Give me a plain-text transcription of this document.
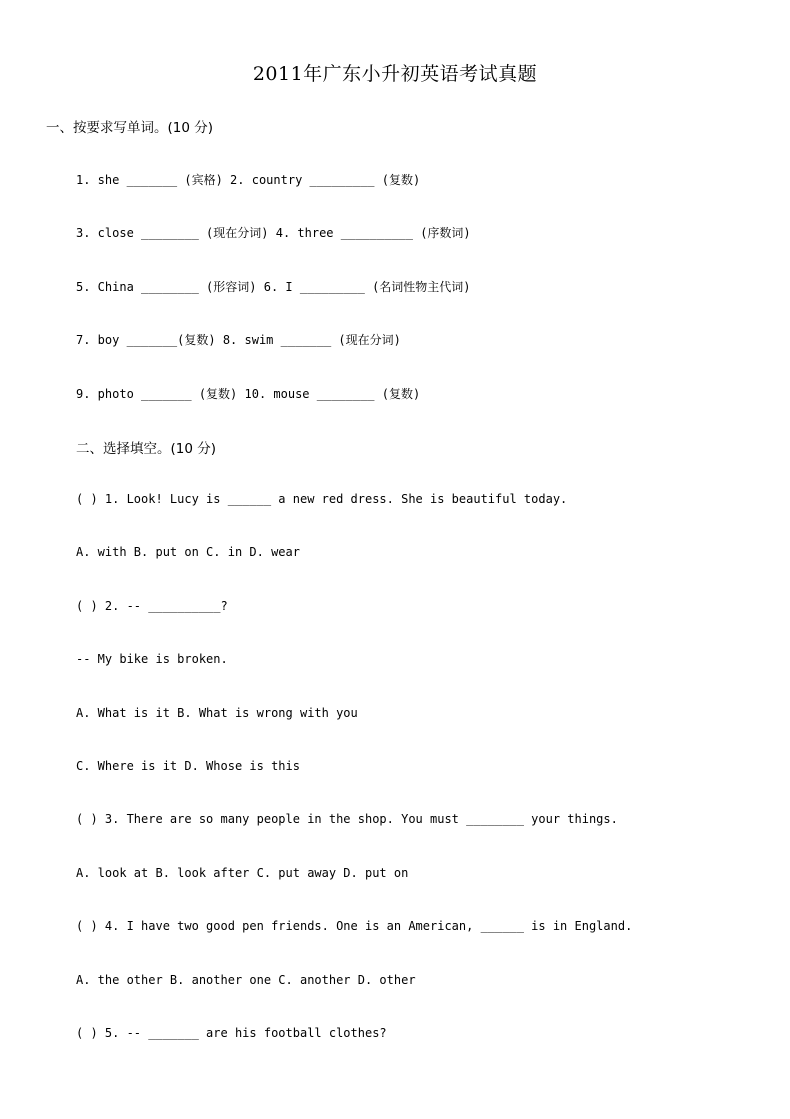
2011年广东小升初英语考试真题
一、按要求写单词。(10 分)
1. she _______ (宾格) 2. country _________ (复数)
3. close ________ (现在分词) 4. three __________ (序数词)
5. China ________ (形容词) 6. I _________ (名词性物主代词)
7. boy _______(复数) 8. swim _______ (现在分词)
9. photo _______ (复数) 10. mouse ________ (复数)
二、选择填空。(10 分)
( ) 1. Look! Lucy is ______ a new red dress. She is beautiful today.
A. with B. put on C. in D. wear
( ) 2. -- __________?
-- My bike is broken.
A. What is it B. What is wrong with you
C. Where is it D. Whose is this
( ) 3. There are so many people in the shop. You must ________ your things.
A. look at B. look after C. put away D. put on
( ) 4. I have two good pen friends. One is an American, ______ is in England.
A. the other B. another one C. another D. other
( ) 5. -- _______ are his football clothes?
